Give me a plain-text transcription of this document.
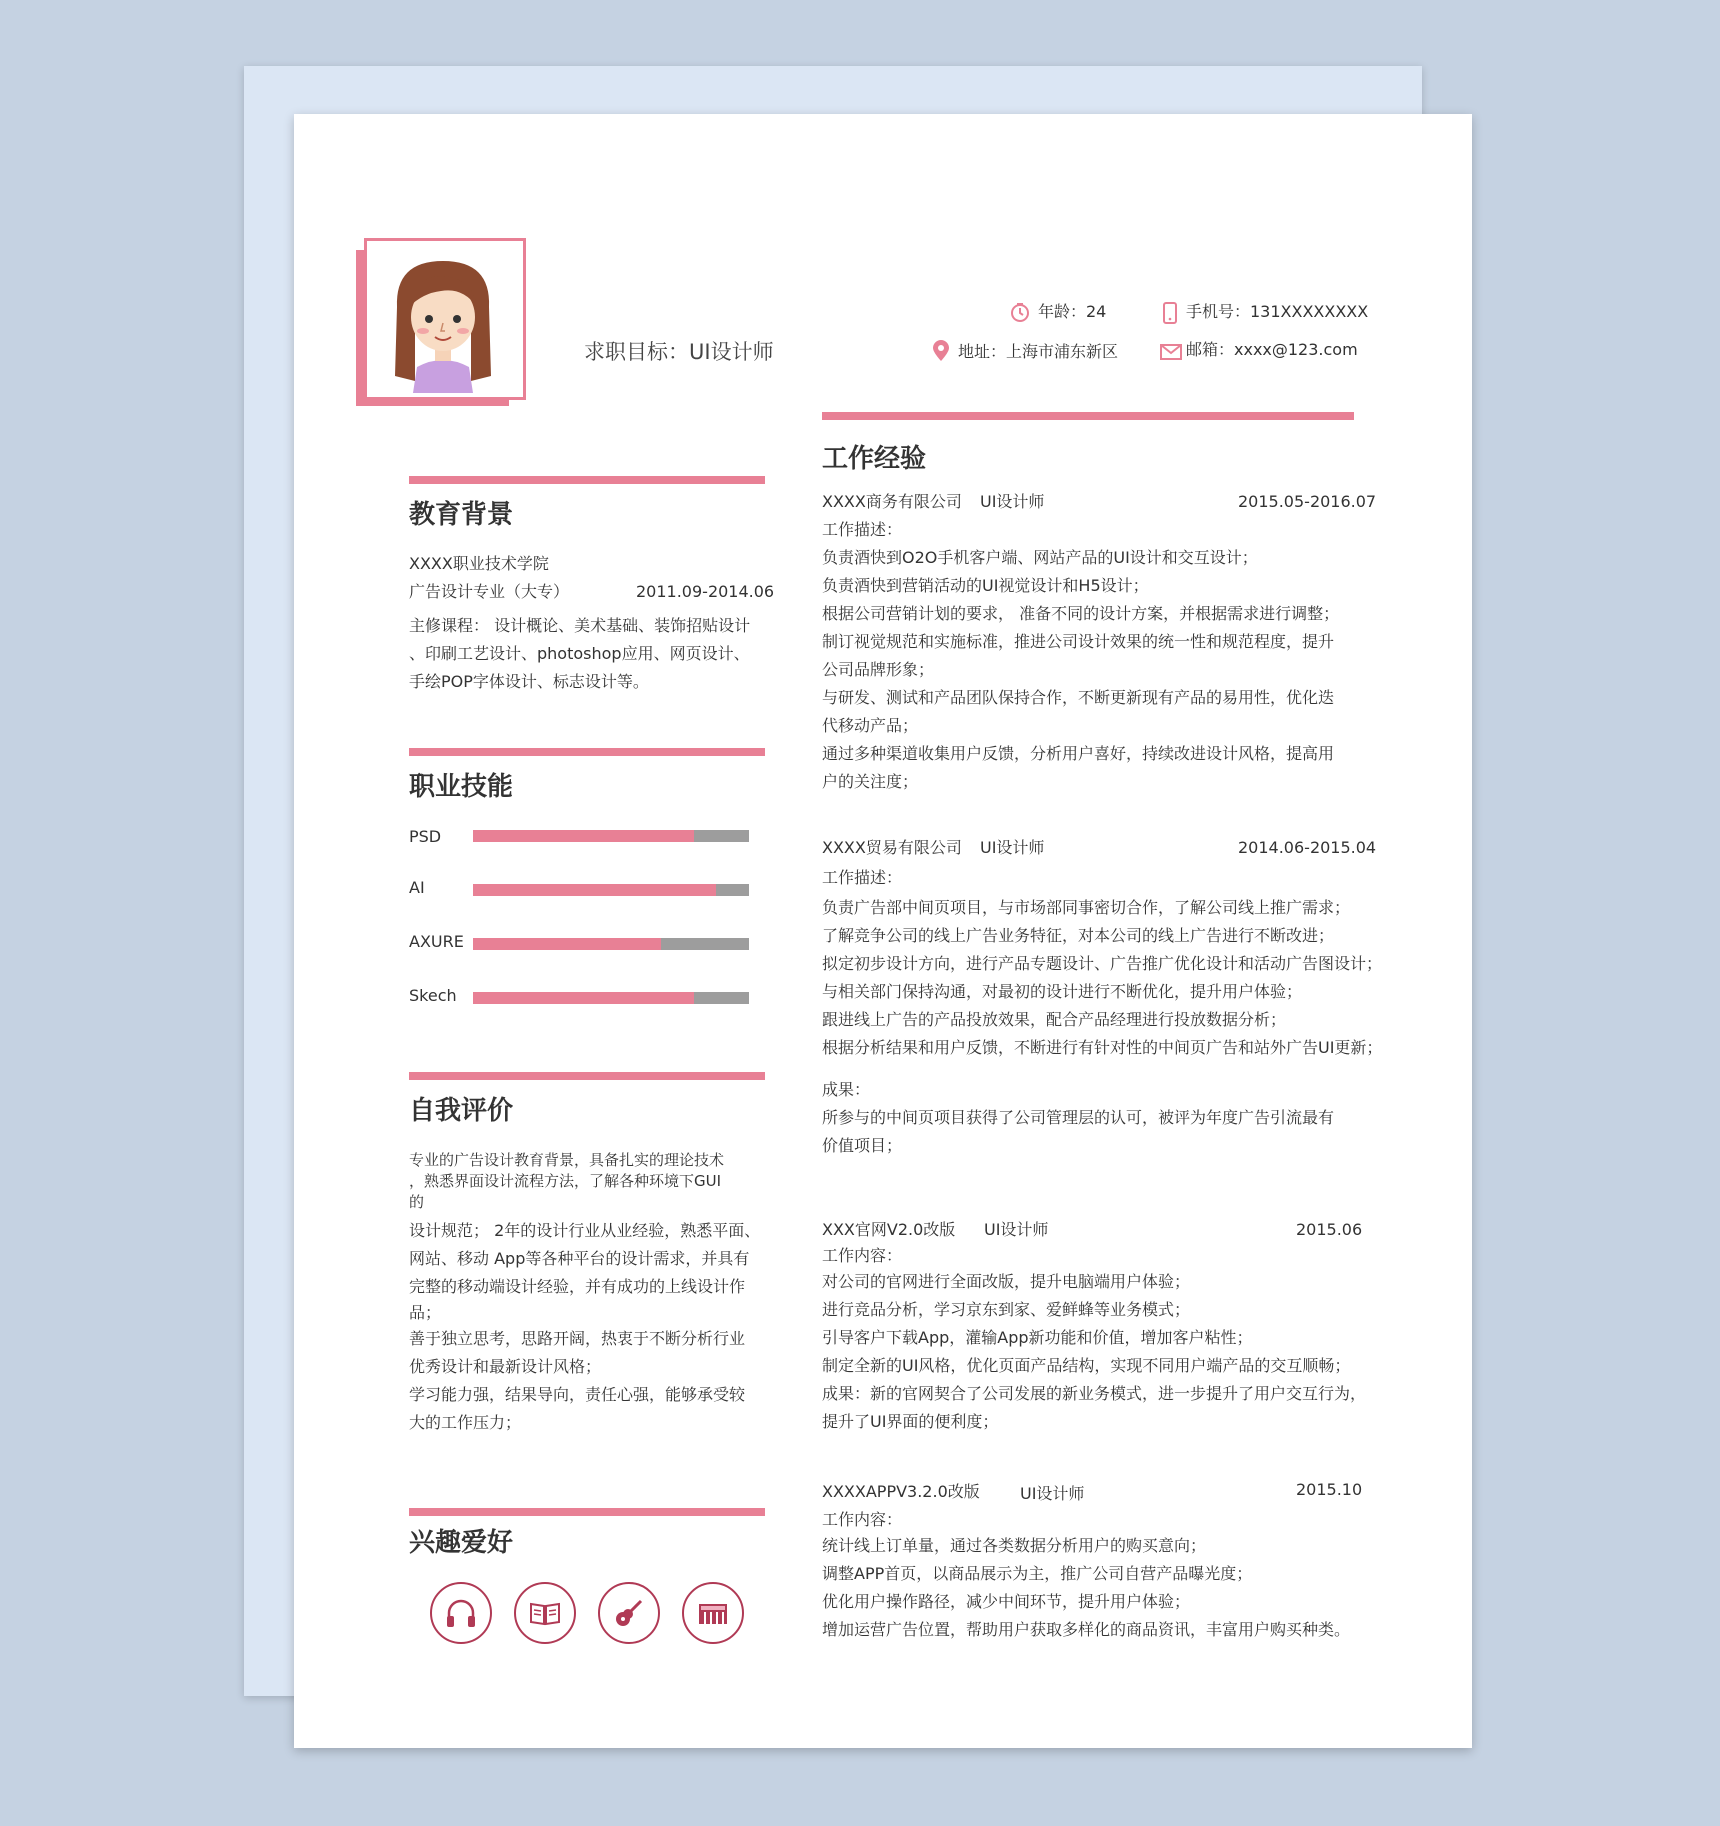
求职目标：UI设计师
年龄：24	手机号：131XXXXXXXX
地址：上海市浦东新区	邮箱：xxxx@123.com
教育背景
XXXX职业技术学院
广告设计专业（大专）	2011.09-2014.06
主修课程： 设计概论、美术基础、装饰招贴设计
、印刷工艺设计、photoshop应用、网页设计、
手绘POP字体设计、标志设计等。
职业技能
PSD
AI
AXURE
Skech
自我评价
专业的广告设计教育背景，具备扎实的理论技术
，熟悉界面设计流程方法，了解各种环境下GUI
的
设计规范； 2年的设计行业从业经验，熟悉平面、
网站、移动 App等各种平台的设计需求，并具有
完整的移动端设计经验，并有成功的上线设计作
品；
善于独立思考，思路开阔，热衷于不断分析行业
优秀设计和最新设计风格；
学习能力强，结果导向，责任心强，能够承受较
大的工作压力；
兴趣爱好
工作经验
XXXX商务有限公司 UI设计师	2015.05-2016.07
工作描述：
负责酒快到O2O手机客户端、网站产品的UI设计和交互设计；
负责酒快到营销活动的UI视觉设计和H5设计；
根据公司营销计划的要求， 准备不同的设计方案，并根据需求进行调整；
制订视觉规范和实施标准，推进公司设计效果的统一性和规范程度，提升
公司品牌形象；
与研发、测试和产品团队保持合作，不断更新现有产品的易用性，优化迭
代移动产品；
通过多种渠道收集用户反馈，分析用户喜好，持续改进设计风格，提高用
户的关注度；
XXXX贸易有限公司 UI设计师	2014.06-2015.04
工作描述：
负责广告部中间页项目，与市场部同事密切合作，了解公司线上推广需求；
了解竞争公司的线上广告业务特征，对本公司的线上广告进行不断改进；
拟定初步设计方向，进行产品专题设计、广告推广优化设计和活动广告图设计；
与相关部门保持沟通，对最初的设计进行不断优化，提升用户体验；
跟进线上广告的产品投放效果，配合产品经理进行投放数据分析；
根据分析结果和用户反馈，不断进行有针对性的中间页广告和站外广告UI更新；
成果：
所参与的中间页项目获得了公司管理层的认可，被评为年度广告引流最有
价值项目；
XXX官网V2.0改版 UI设计师	2015.06
工作内容：
对公司的官网进行全面改版，提升电脑端用户体验；
进行竞品分析，学习京东到家、爱鲜蜂等业务模式；
引导客户下载App，灌输App新功能和价值，增加客户粘性；
制定全新的UI风格，优化页面产品结构，实现不同用户端产品的交互顺畅；
成果：新的官网契合了公司发展的新业务模式，进一步提升了用户交互行为，
提升了UI界面的便利度；
XXXXAPPV3.2.0改版	UI设计师	2015.10
工作内容：
统计线上订单量，通过各类数据分析用户的购买意向；
调整APP首页，以商品展示为主，推广公司自营产品曝光度；
优化用户操作路径，减少中间环节，提升用户体验；
增加运营广告位置，帮助用户获取多样化的商品资讯，丰富用户购买种类。
